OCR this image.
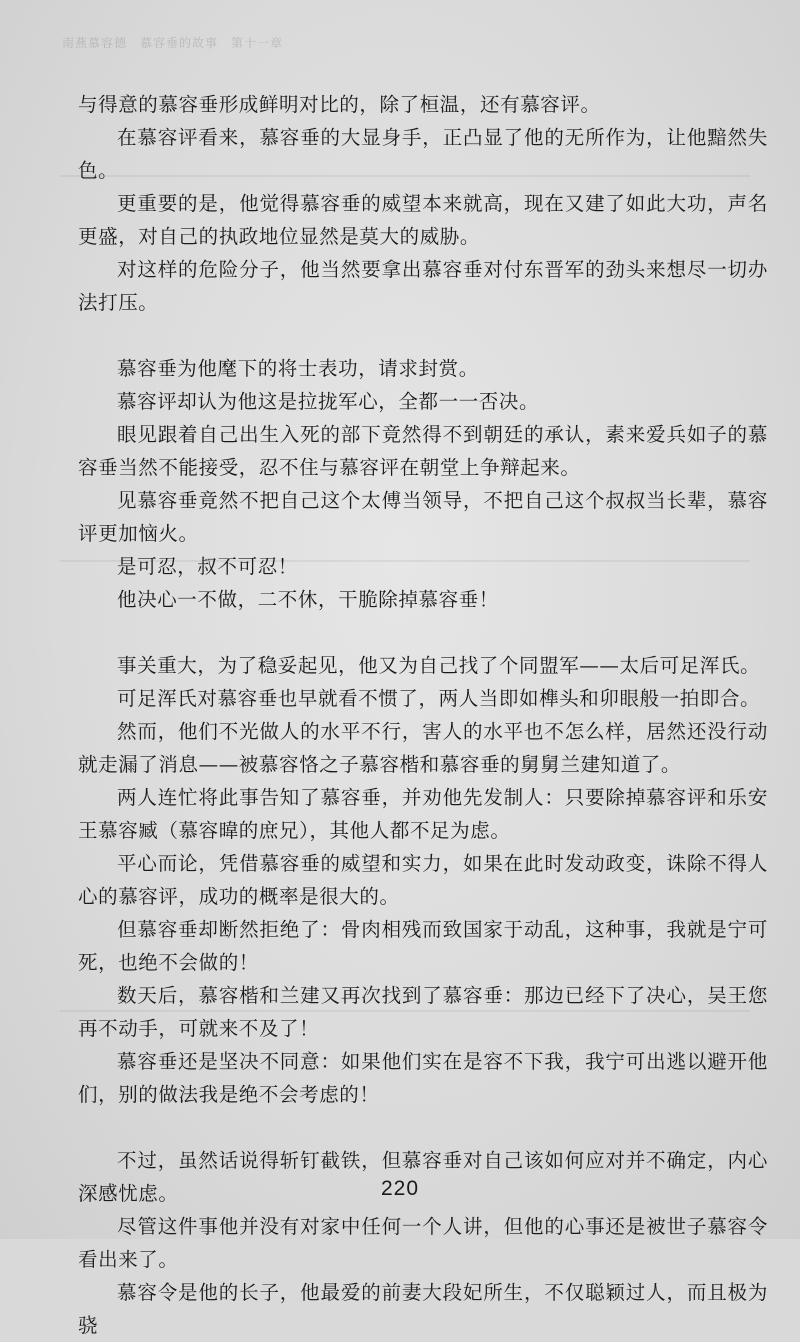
南燕慕容德　慕容垂的故事　第十一章

与得意的慕容垂形成鲜明对比的，除了桓温，还有慕容评。

在慕容评看来，慕容垂的大显身手，正凸显了他的无所作为，让他黯然失色。

更重要的是，他觉得慕容垂的威望本来就高，现在又建了如此大功，声名更盛，对自己的执政地位显然是莫大的威胁。

对这样的危险分子，他当然要拿出慕容垂对付东晋军的劲头来想尽一切办法打压。

慕容垂为他麾下的将士表功，请求封赏。

慕容评却认为他这是拉拢军心，全都一一否决。

眼见跟着自己出生入死的部下竟然得不到朝廷的承认，素来爱兵如子的慕容垂当然不能接受，忍不住与慕容评在朝堂上争辩起来。

见慕容垂竟然不把自己这个太傅当领导，不把自己这个叔叔当长辈，慕容评更加恼火。

是可忍，叔不可忍！

他决心一不做，二不休，干脆除掉慕容垂！

事关重大，为了稳妥起见，他又为自己找了个同盟军——太后可足浑氏。

可足浑氏对慕容垂也早就看不惯了，两人当即如榫头和卯眼般一拍即合。

然而，他们不光做人的水平不行，害人的水平也不怎么样，居然还没行动就走漏了消息——被慕容恪之子慕容楷和慕容垂的舅舅兰建知道了。

两人连忙将此事告知了慕容垂，并劝他先发制人：只要除掉慕容评和乐安王慕容臧（慕容暐的庶兄），其他人都不足为虑。

平心而论，凭借慕容垂的威望和实力，如果在此时发动政变，诛除不得人心的慕容评，成功的概率是很大的。

但慕容垂却断然拒绝了：骨肉相残而致国家于动乱，这种事，我就是宁可死，也绝不会做的！

数天后，慕容楷和兰建又再次找到了慕容垂：那边已经下了决心，吴王您再不动手，可就来不及了！

慕容垂还是坚决不同意：如果他们实在是容不下我，我宁可出逃以避开他们，别的做法我是绝不会考虑的！

不过，虽然话说得斩钉截铁，但慕容垂对自己该如何应对并不确定，内心深感忧虑。

尽管这件事他并没有对家中任何一个人讲，但他的心事还是被世子慕容令看出来了。

慕容令是他的长子，他最爱的前妻大段妃所生，不仅聪颖过人，而且极为骁

220
